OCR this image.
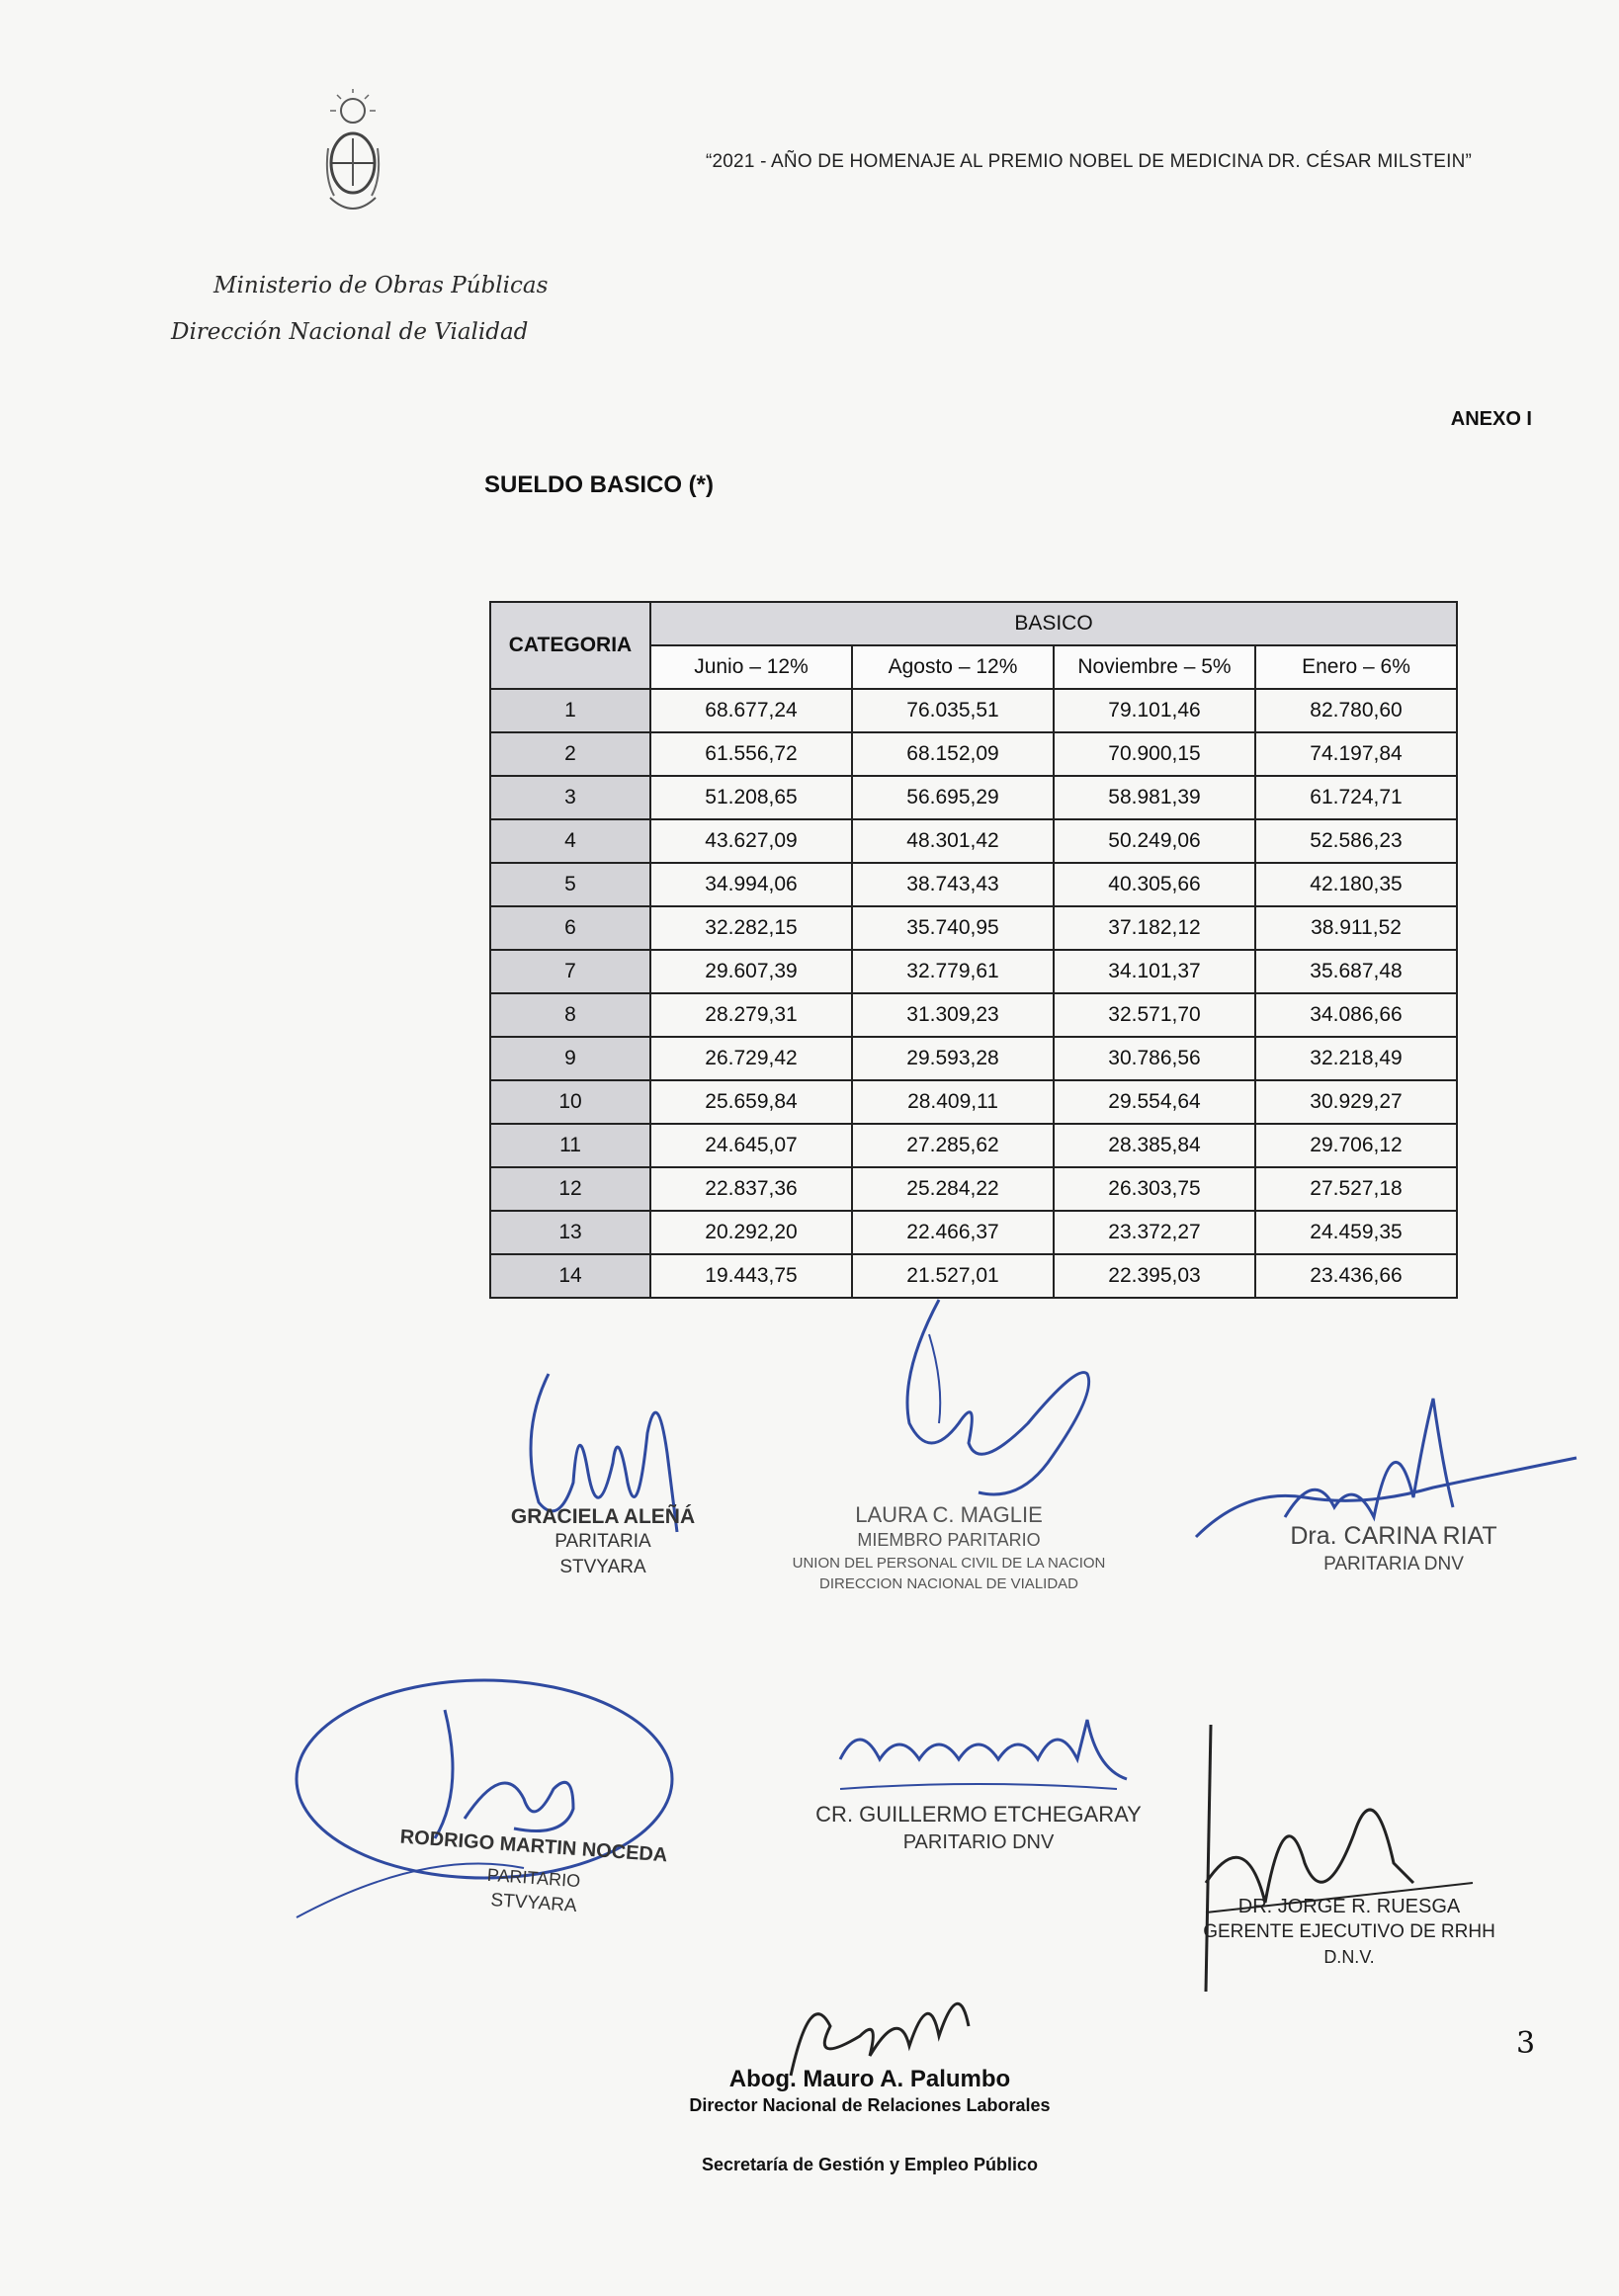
“2021 - AÑO DE HOMENAJE AL PREMIO NOBEL DE MEDICINA DR. CÉSAR MILSTEIN”
Ministerio de Obras Públicas
Dirección Nacional de Vialidad
ANEXO I
SUELDO BASICO (*)
CATEGORIA	BASICO			
	Junio – 12%	Agosto – 12%	Noviembre – 5%	Enero – 6%
1	68.677,24	76.035,51	79.101,46	82.780,60
2	61.556,72	68.152,09	70.900,15	74.197,84
3	51.208,65	56.695,29	58.981,39	61.724,71
4	43.627,09	48.301,42	50.249,06	52.586,23
5	34.994,06	38.743,43	40.305,66	42.180,35
6	32.282,15	35.740,95	37.182,12	38.911,52
7	29.607,39	32.779,61	34.101,37	35.687,48
8	28.279,31	31.309,23	32.571,70	34.086,66
9	26.729,42	29.593,28	30.786,56	32.218,49
10	25.659,84	28.409,11	29.554,64	30.929,27
11	24.645,07	27.285,62	28.385,84	29.706,12
12	22.837,36	25.284,22	26.303,75	27.527,18
13	20.292,20	22.466,37	23.372,27	24.459,35
14	19.443,75	21.527,01	22.395,03	23.436,66
GRACIELA ALEÑÁ
PARITARIA
STVYARA
LAURA C. MAGLIE
MIEMBRO PARITARIO
UNION DEL PERSONAL CIVIL DE LA NACION
DIRECCION NACIONAL DE VIALIDAD
Dra. CARINA RIAT
PARITARIA DNV
RODRIGO MARTIN NOCEDA
PARITARIO
STVYARA
CR. GUILLERMO ETCHEGARAY
PARITARIO DNV
DR. JORGE R. RUESGA
GERENTE EJECUTIVO DE RRHH
D.N.V.
Abog. Mauro A. Palumbo
Director Nacional de Relaciones Laborales
Secretaría de Gestión y Empleo Público
3
